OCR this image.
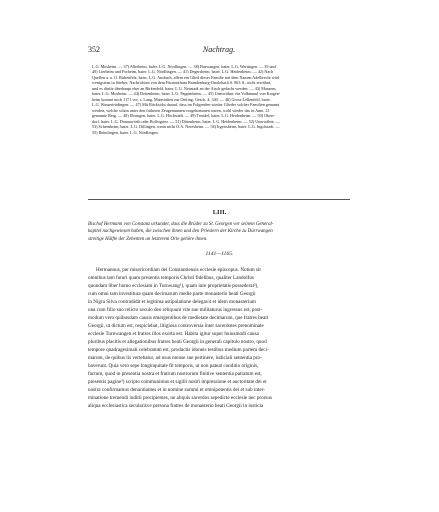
352	Nachtrag.
L.G. Mosheim. — 37) Allerheim, baier. L.G. Nördlingen. — 38) Burwangen, baier. L.G. Wertingen. — 39 und
40) Lierheim und Forheim, baier. L.G. Nördlingen. — 41) Degersheim, baier. L.G. Heidenheim. — 42) Nach
Quellen a. a. O. Birkenfelz, baier. L.G. Ansbach, allein ein Glied dieser Familie mit dem Namen Adelbrecht wird
wenigstens in Stieber, Nachrichten von dem Fürstenthum Brandenburg-Onolzbach S. 863 ff., nicht erwähnt,
und es dürfte überhaupt eher an Birkenfeld, baier. L.G. Neustadt an der Aisch gedacht werden. — 43) Maasern,
baier. L.G. Mosheim. — 44) Dettenheim, baier. L.G. Pappenheim. — 45) Unerwähnt; ein Volkmund von Kragen-
heim kommt noch 1171 vor, s. Lang, Materialien zur Oetting. Gesch. 4, 340. — 46) Gross-Lellenfeld, baier.
L.G. Wassertrüdingen. — 47) Mit Rücksicht darauf, dass im Folgenden wieder Glieder solcher Familien genannt
werden, welche schon unter den früheren Zeugennamen vorgekommen waren, wohl wieder das in Anm. 21
genannte Berg. — 48) Ebsingen, baier. L.G. Höchstädt. — 49) Trendel, baier. L.G. Heidenheim. — 50) Oberr-
dorf, baier. L.G. Donauwörth oder Bollstgriez. — 51) Dittenheim, baier. L.G. Heidenheim. — 52) Unerwähnt. —
53) Schernheim, baier. L.G. Dillingen, wenn nicht O.A. Neresheim. — 54) Irgertsheim, baier. L.G. Ingolstadt. —
55) Reimlingen, baier. L.G. Nördlingen.
LIII.
Bischof Hermann von Constanz urkundet, dass die Brüder zu St. Georgen vor seinem General-
kapitel nachgewiesen haben, die zwischen ihnen und den Priestern der Kirche zu Dürrwangen
streitige Hälfte der Zehenten an letzterem Orte gehöre ihnen.
1141—1165.
Hermannus, per misericordiam dei Constantiensis ecclesie episcopus. Notum sit
omnibus tam futuri quam presentis temporis Christi fidelibus, qualiter Landolfus
quondam liber homo ecclesiam in Turnwang¹), quam iure proprietatis possederat²),
cum omni tam investitura quam decimarum medie parte monasterio beati Georgii
in Nigra Silva contradidit et legitima astipulatione delegavit et idem monasterium
una cum filio suo relicto seculo deo reliquum vite sue militaturus ingressus est, post-
modum vero quibusdam causis emergentibus de medietate decimarum, que fratres beati
Georgii, ut dictum est, respiciebat, litigiosa controversia inter sacerdotes prenominate
ecclesie Turnwangen et fratres illos exorta est. Habita igitur super huiusmodi causa
pluribus placitis et allegationibus fratres beati Georgii in generali capitulo nostro, quod
tempore quadragesimali celebratum est, productis idoneis testibus medium partem deci-
marum, de quibus lis vertebatur, ad usus mense sue pertinere, iudiciali sententia pro-
baverunt. Quia vero sepe longinquitate fit temporis, ut non pateat conditio originis,
factum, quod in presentia nostra et fratrum nostrorum finitive sententia patratum est,
presentis pagine³) scripto communimus et sigilli nostri impressione et auctoritate dei et
nostra confirmamus denuntiantes et in nomine summi et omnipotentis dei et sub inter-
minatione tremendi iuditii precipientes, ne aliquis sacerdos sepedicte ecclesie nec prorsus
aliqua ecclesiastica secularisve persona fratres de monasterio beati Georgii in iusticia
